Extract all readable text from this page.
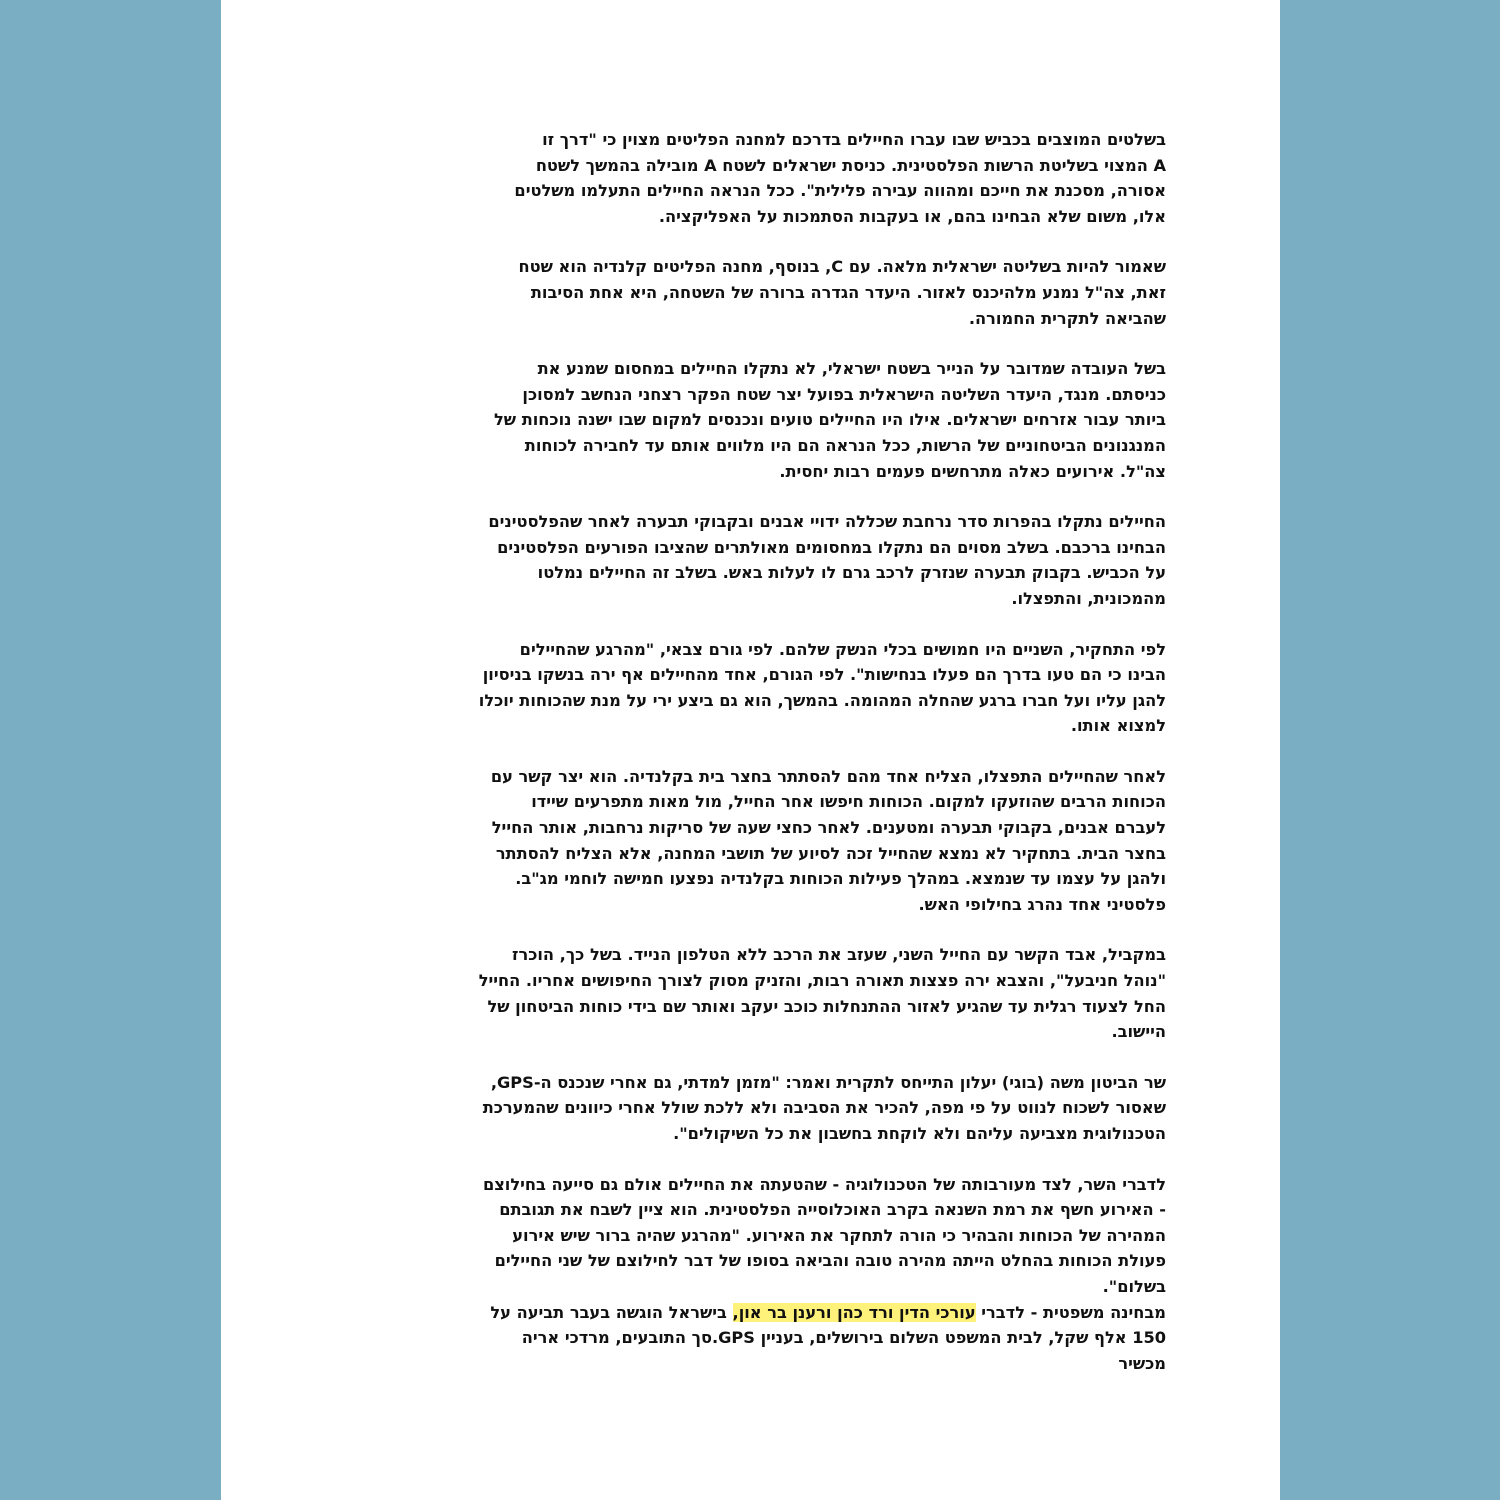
בשלטים המוצבים בכביש שבו עברו החיילים בדרכם למחנה הפליטים מצוין כי "דרך זו
A המצוי בשליטת הרשות הפלסטינית. כניסת ישראלים לשטח A מובילה בהמשך לשטח
אסורה, מסכנת את חייכם ומהווה עבירה פלילית". ככל הנראה החיילים התעלמו משלטים
אלו, משום שלא הבחינו בהם, או בעקבות הסתמכות על האפליקציה.
שאמור להיות בשליטה ישראלית מלאה. עם C, בנוסף, מחנה הפליטים קלנדיה הוא שטח
זאת, צה"ל נמנע מלהיכנס לאזור. היעדר הגדרה ברורה של השטחה, היא אחת הסיבות
שהביאה לתקרית החמורה.
בשל העובדה שמדובר על הנייר בשטח ישראלי, לא נתקלו החיילים במחסום שמנע את
כניסתם. מנגד, היעדר השליטה הישראלית בפועל יצר שטח הפקר רצחני הנחשב למסוכן
ביותר עבור אזרחים ישראלים. אילו היו החיילים טועים ונכנסים למקום שבו ישנה נוכחות של
המנגנונים הביטחוניים של הרשות, ככל הנראה הם היו מלווים אותם עד לחבירה לכוחות
צה"ל. אירועים כאלה מתרחשים פעמים רבות יחסית.
החיילים נתקלו בהפרות סדר נרחבת שכללה ידויי אבנים ובקבוקי תבערה לאחר שהפלסטינים
הבחינו ברכבם. בשלב מסוים הם נתקלו במחסומים מאולתרים שהציבו הפורעים הפלסטינים
על הכביש. בקבוק תבערה שנזרק לרכב גרם לו לעלות באש. בשלב זה החיילים נמלטו
מהמכונית, והתפצלו.
לפי התחקיר, השניים היו חמושים בכלי הנשק שלהם. לפי גורם צבאי, "מהרגע שהחיילים
הבינו כי הם טעו בדרך הם פעלו בנחישות". לפי הגורם, אחד מהחיילים אף ירה בנשקו בניסיון
להגן עליו ועל חברו ברגע שהחלה המהומה. בהמשך, הוא גם ביצע ירי על מנת שהכוחות יוכלו
למצוא אותו.
לאחר שהחיילים התפצלו, הצליח אחד מהם להסתתר בחצר בית בקלנדיה. הוא יצר קשר עם
הכוחות הרבים שהוזעקו למקום. הכוחות חיפשו אחר החייל, מול מאות מתפרעים שיידו
לעברם אבנים, בקבוקי תבערה ומטענים. לאחר כחצי שעה של סריקות נרחבות, אותר החייל
בחצר הבית. בתחקיר לא נמצא שהחייל זכה לסיוע של תושבי המחנה, אלא הצליח להסתתר
ולהגן על עצמו עד שנמצא. במהלך פעילות הכוחות בקלנדיה נפצעו חמישה לוחמי מג"ב.
פלסטיני אחד נהרג בחילופי האש.
במקביל, אבד הקשר עם החייל השני, שעזב את הרכב ללא הטלפון הנייד. בשל כך, הוכרז
"נוהל חניבעל", והצבא ירה פצצות תאורה רבות, והזניק מסוק לצורך החיפושים אחריו. החייל
החל לצעוד רגלית עד שהגיע לאזור ההתנחלות כוכב יעקב ואותר שם בידי כוחות הביטחון של
היישוב.
שר הביטון משה (בוגי) יעלון התייחס לתקרית ואמר: "מזמן למדתי, גם אחרי שנכנס ה-GPS,
שאסור לשכוח לנווט על פי מפה, להכיר את הסביבה ולא ללכת שולל אחרי כיוונים שהמערכת
הטכנולוגית מצביעה עליהם ולא לוקחת בחשבון את כל השיקולים".
לדברי השר, לצד מעורבותה של הטכנולוגיה - שהטעתה את החיילים אולם גם סייעה בחילוצם
- האירוע חשף את רמת השנאה בקרב האוכלוסייה הפלסטינית. הוא ציין לשבח את תגובתם
המהירה של הכוחות והבהיר כי הורה לתחקר את האירוע. "מהרגע שהיה ברור שיש אירוע
פעולת הכוחות בהחלט הייתה מהירה טובה והביאה בסופו של דבר לחילוצם של שני החיילים
בשלום".
מבחינה משפטית - לדברי עורכי הדין ורד כהן ורענן בר און, בישראל הוגשה בעבר תביעה על
150 אלף שקל, לבית המשפט השלום בירושלים, בעניין GPS.סך התובעים, מרדכי אריה
מכשיר
